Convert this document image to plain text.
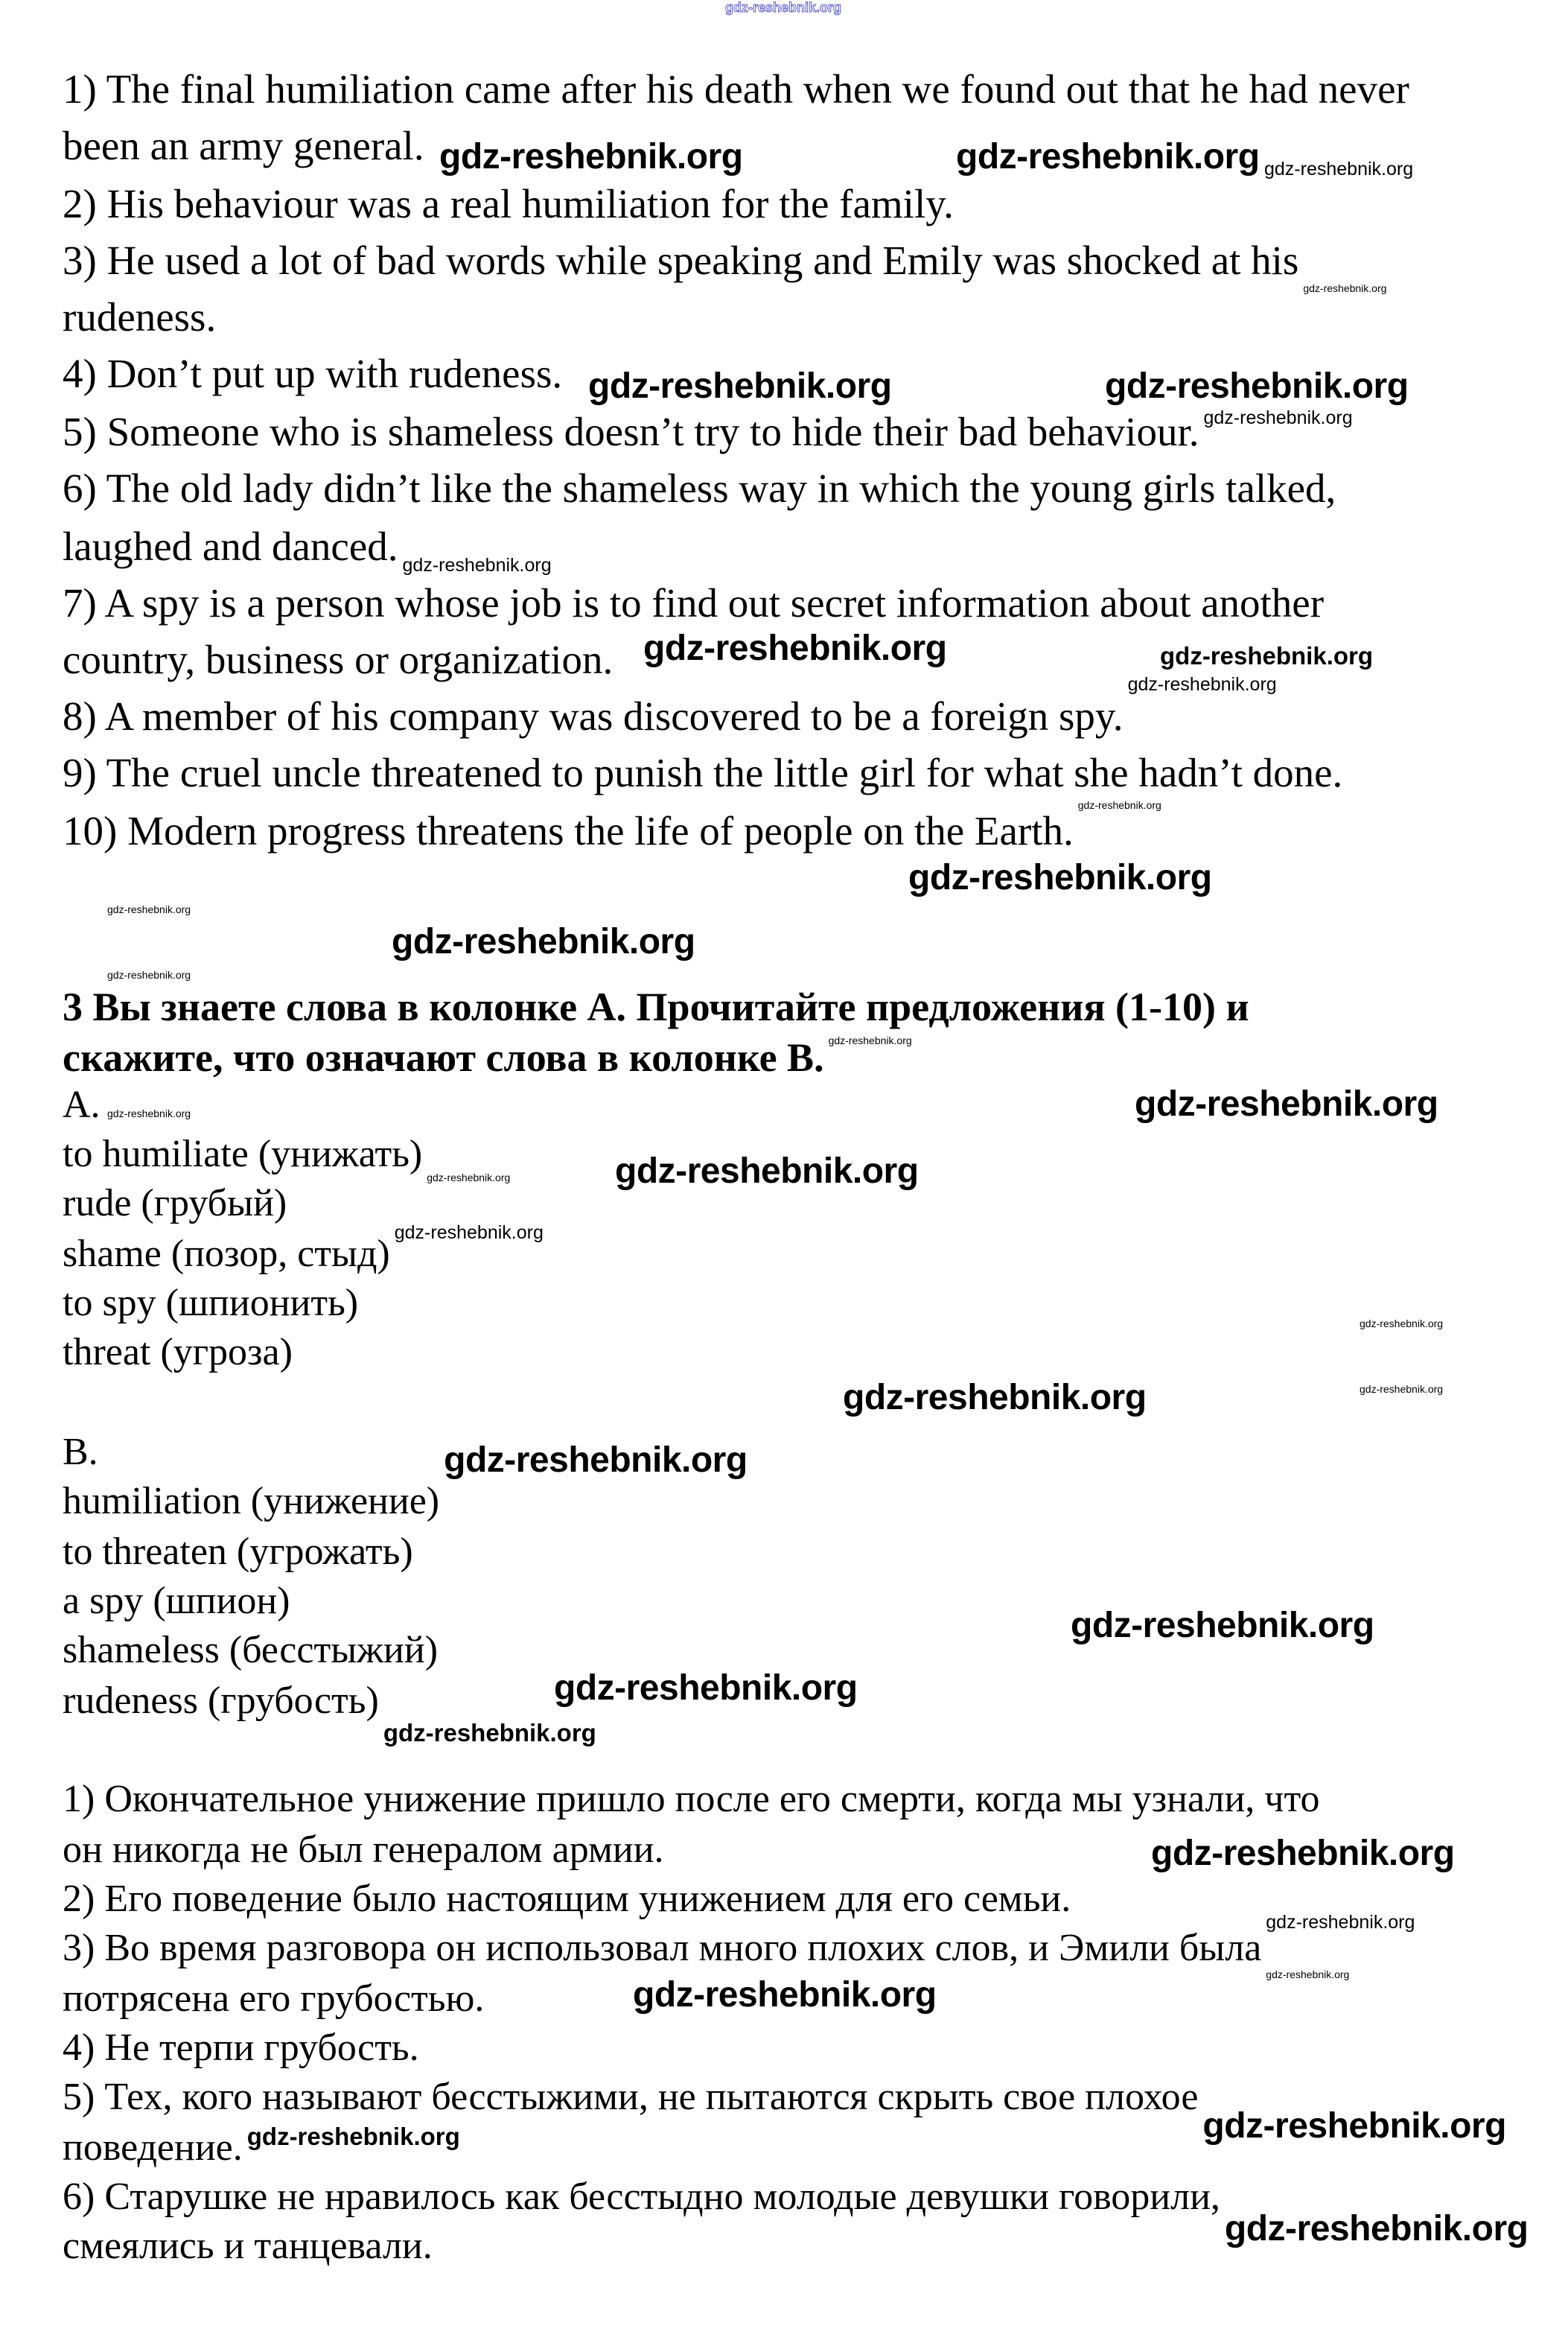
1) The final humiliation came after his death when we found out that he had never
been an army general.
2) His behaviour was a real humiliation for the family.
3) He used a lot of bad words while speaking and Emily was shocked at his
rudeness.
4) Don’t put up with rudeness.
5) Someone who is shameless doesn’t try to hide their bad behaviour.
6) The old lady didn’t like the shameless way in which the young girls talked,
laughed and danced.
7) A spy is a person whose job is to find out secret information about another
country, business or organization.
8) A member of his company was discovered to be a foreign spy.
9) The cruel uncle threatened to punish the little girl for what she hadn’t done.
10) Modern progress threatens the life of people on the Earth.
3 Вы знаете слова в колонке А. Прочитайте предложения (1-10) и
скажите, что означают слова в колонке В.
A.
to humiliate (унижать)
rude (грубый)
shame (позор, стыд)
to spy (шпионить)
threat (угроза)
B.
humiliation (унижение)
to threaten (угрожать)
a spy (шпион)
shameless (бесстыжий)
rudeness (грубость)
1) Окончательное унижение пришло после его смерти, когда мы узнали, что
он никогда не был генералом армии.
2) Его поведение было настоящим унижением для его семьи.
3) Во время разговора он использовал много плохих слов, и Эмили была
потрясена его грубостью.
4) Не терпи грубость.
5) Тех, кого называют бесстыжими, не пытаются скрыть свое плохое
поведение.
6) Старушке не нравилось как бесстыдно молодые девушки говорили,
смеялись и танцевали.
gdz-reshebnik.org
gdz-reshebnik.org	gdz-reshebnik.org
gdz-reshebnik.org	gdz-reshebnik.org
gdz-reshebnik.org
gdz-reshebnik.org
gdz-reshebnik.org
gdz-reshebnik.org
gdz-reshebnik.org
gdz-reshebnik.org
gdz-reshebnik.org
gdz-reshebnik.org
gdz-reshebnik.org
gdz-reshebnik.org
gdz-reshebnik.org
gdz-reshebnik.org
gdz-reshebnik.org
gdz-reshebnik.org
gdz-reshebnik.org
gdz-reshebnik.org
gdz-reshebnik.org
gdz-reshebnik.org
gdz-reshebnik.org
gdz-reshebnik.org
gdz-reshebnik.org
gdz-reshebnik.org
gdz-reshebnik.org
gdz-reshebnik.org
gdz-reshebnik.org
gdz-reshebnik.org
gdz-reshebnik.org
gdz-reshebnik.org
gdz-reshebnik.org
gdz-reshebnik.org
gdz-reshebnik.org
gdz-reshebnik.org
